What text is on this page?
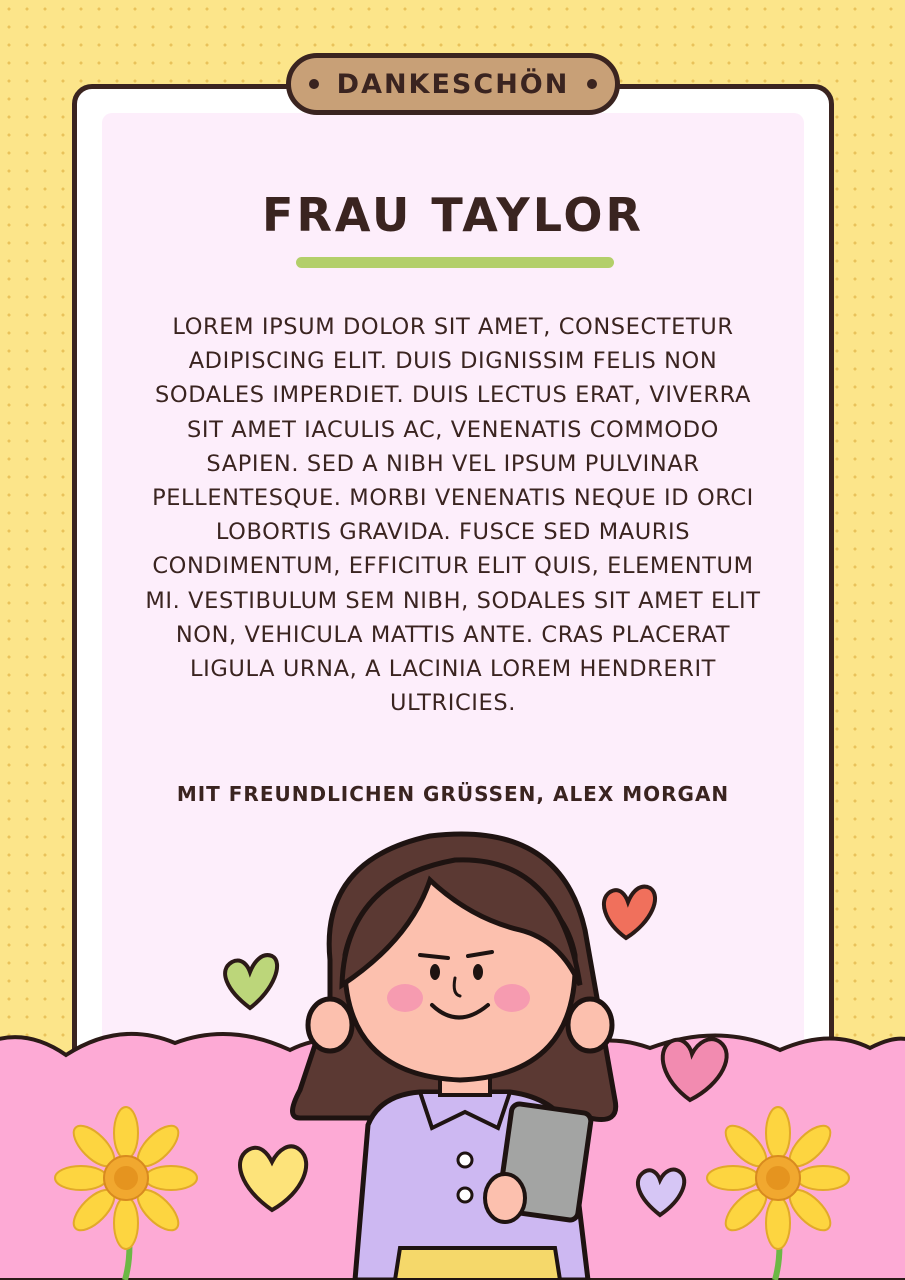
DANKESCHÖN
FRAU TAYLOR
LOREM IPSUM DOLOR SIT AMET, CONSECTETUR ADIPISCING ELIT. DUIS DIGNISSIM FELIS NON SODALES IMPERDIET. DUIS LECTUS ERAT, VIVERRA SIT AMET IACULIS AC, VENENATIS COMMODO SAPIEN. SED A NIBH VEL IPSUM PULVINAR PELLENTESQUE. MORBI VENENATIS NEQUE ID ORCI LOBORTIS GRAVIDA. FUSCE SED MAURIS CONDIMENTUM, EFFICITUR ELIT QUIS, ELEMENTUM MI. VESTIBULUM SEM NIBH, SODALES SIT AMET ELIT NON, VEHICULA MATTIS ANTE. CRAS PLACERAT LIGULA URNA, A LACINIA LOREM HENDRERIT ULTRICIES.
MIT FREUNDLICHEN GRÜSSEN, ALEX MORGAN
